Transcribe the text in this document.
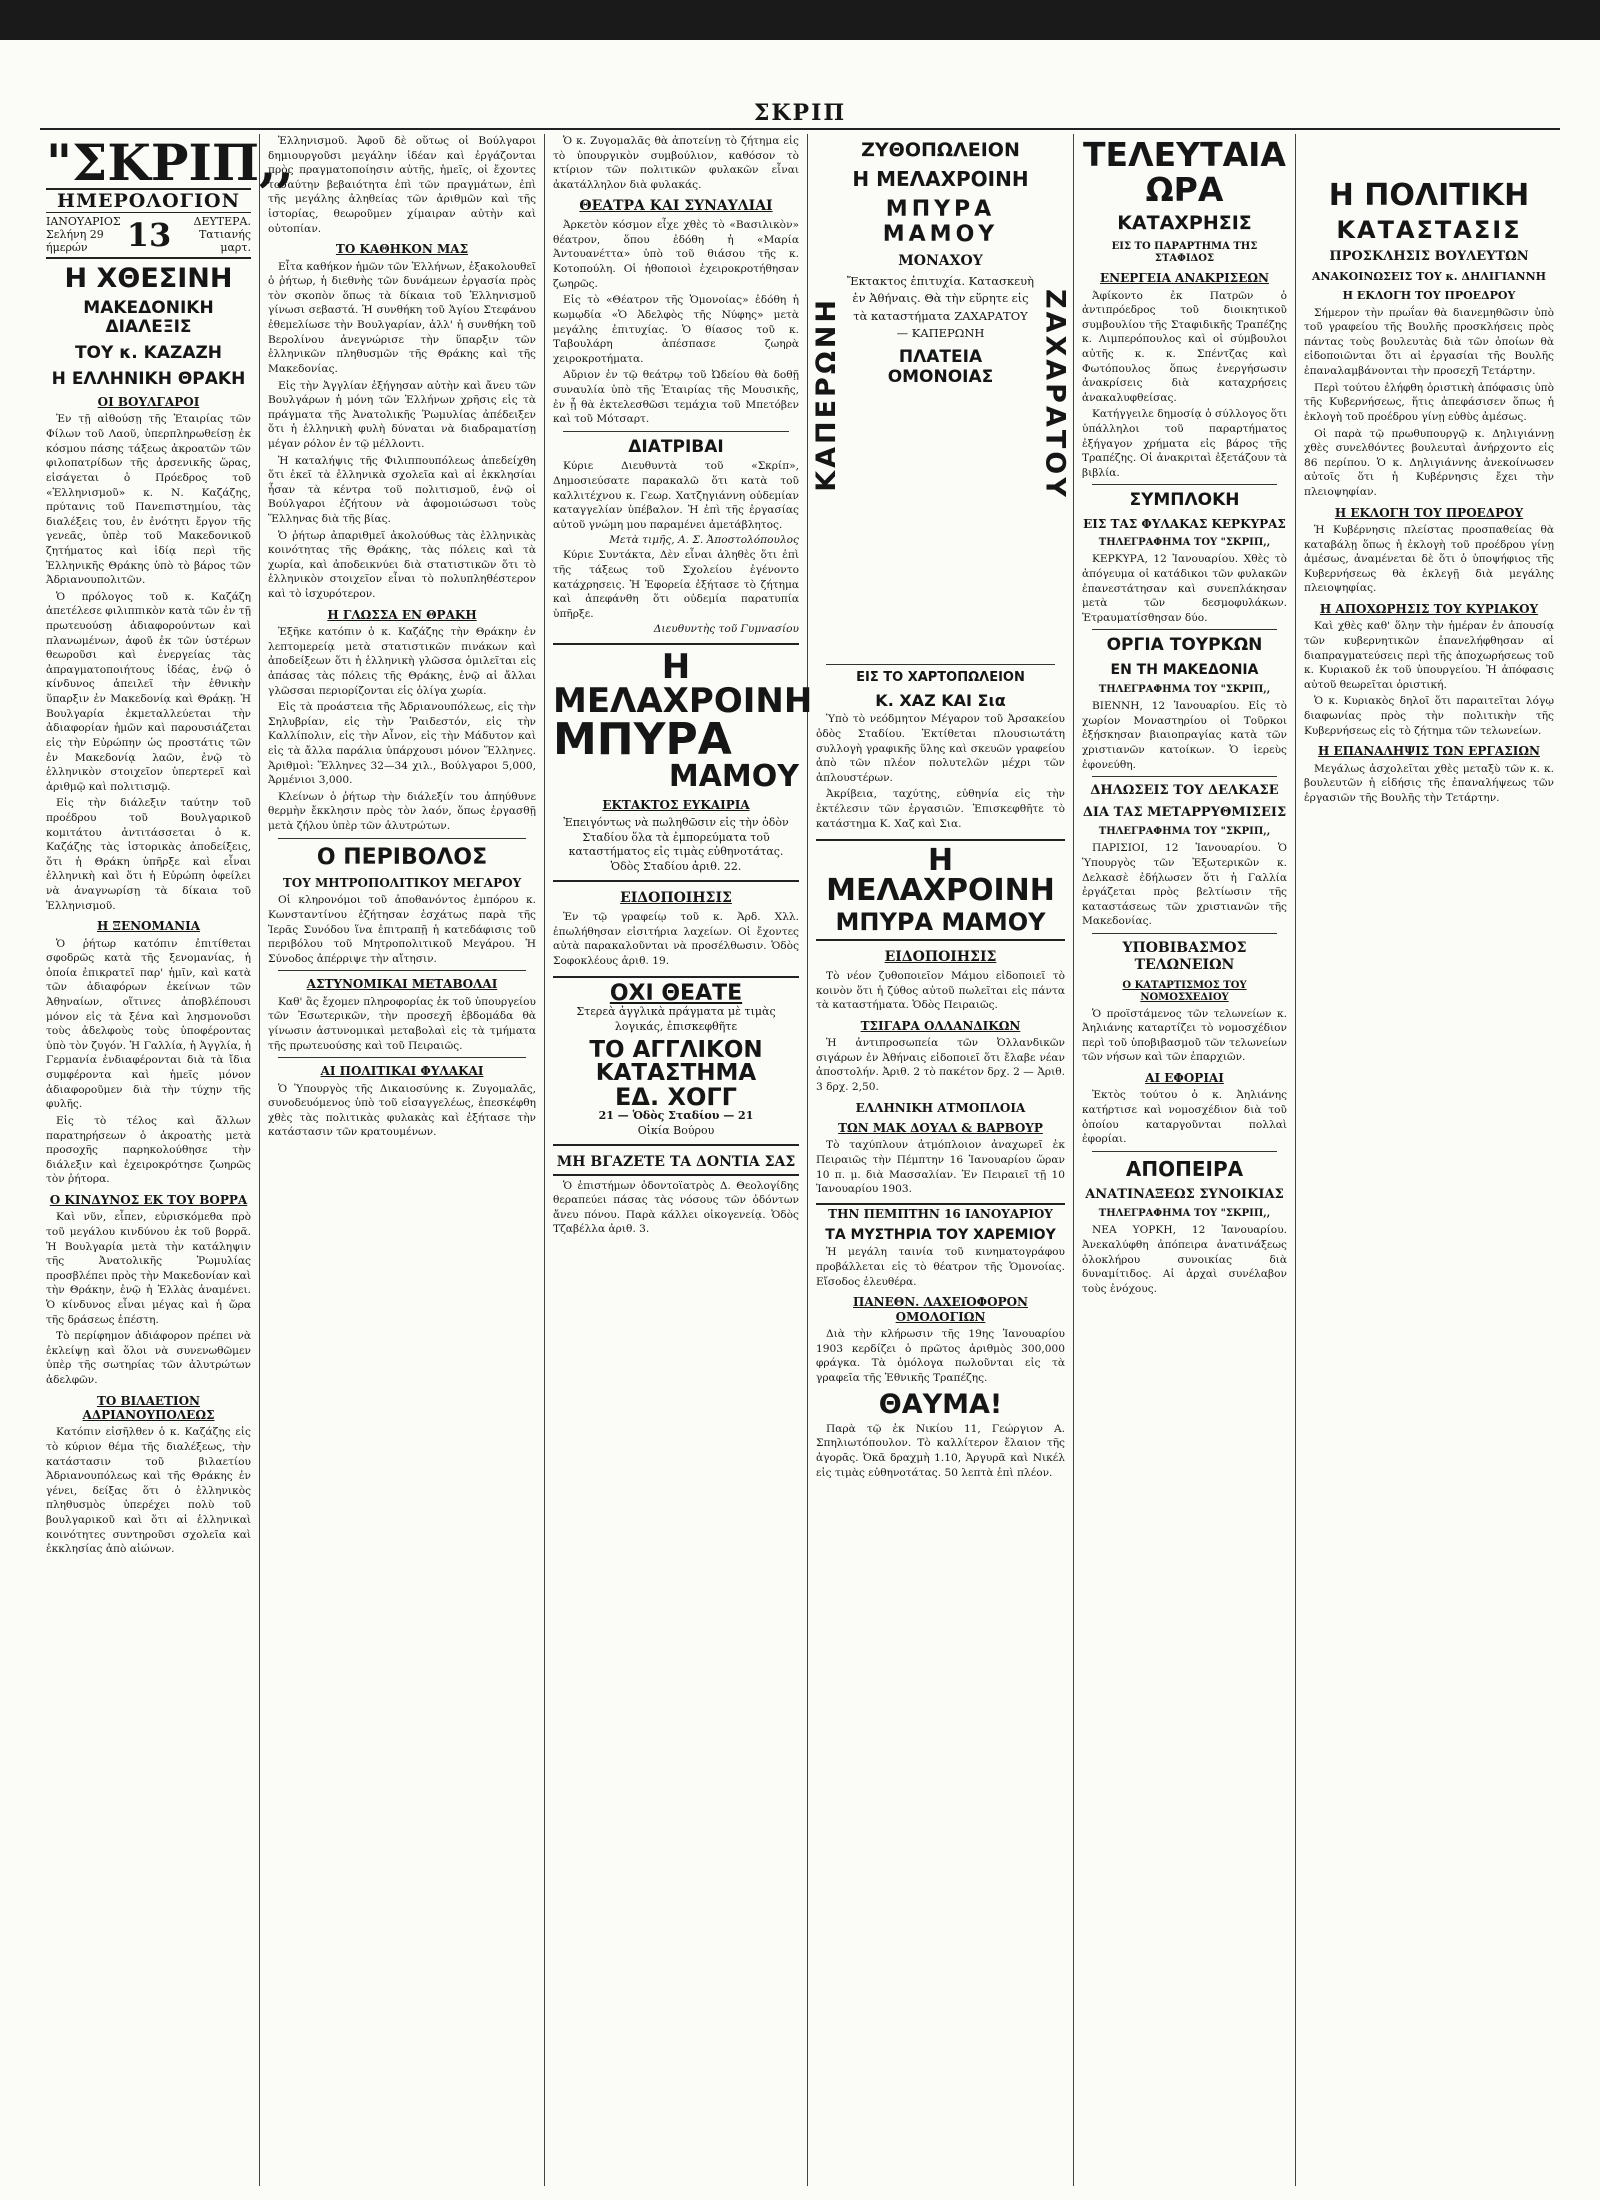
ΣΚΡΙΠ
"ΣΚΡΙΠ,,
ΗΜΕΡΟΛΟΓΙΟΝ
ΙΑΝΟΥΑΡΙΟΣ
Σελήνη 29 ήμερών	13	ΔΕΥΤΕΡΑ.
Τατιανής μαρτ.
Η ΧΘΕΣΙΝΗ
ΜΑΚΕΔΟΝΙΚΗ ΔΙΑΛΕΞΙΣ
ΤΟΥ κ. ΚΑΖΑΖΗ
Η ΕΛΛΗΝΙΚΗ ΘΡΑΚΗ
ΟΙ ΒΟΥΛΓΑΡΟΙ

Ἐν τῇ αἰθούσῃ τῆς Ἑταιρίας τῶν Φίλων τοῦ Λαοῦ, ὑπερπληρωθείσῃ ἐκ κόσμου πάσης τάξεως ἀκροατῶν τῶν φιλοπατρίδων τῆς ἀρσενικῆς ὥρας, εἰσάγεται ὁ Πρόεδρος τοῦ «Ἑλληνισμοῦ» κ. Ν. Καζάζης, πρύτανις τοῦ Πανεπιστημίου, τὰς διαλέξεις του, ἐν ἐνότητι ἔργον τῆς γενεᾶς, ὑπὲρ τοῦ Μακεδονικοῦ ζητήματος καὶ ἰδίᾳ περὶ τῆς Ἑλληνικῆς Θράκης ὑπὸ τὸ βάρος τῶν Ἀδριανουπολιτῶν.

Ὁ πρόλογος τοῦ κ. Καζάζη ἀπετέλεσε φιλιππικὸν κατὰ τῶν ἐν τῇ πρωτευούσῃ ἀδιαφορούντων καὶ πλανωμένων, ἀφοῦ ἐκ τῶν ὑστέρων θεωροῦσι καὶ ἐνεργείας τὰς ἀπραγματοποιήτους ἰδέας, ἐνῷ ὁ κίνδυνος ἀπειλεῖ τὴν ἐθνικὴν ὕπαρξιν ἐν Μακεδονίᾳ καὶ Θράκῃ. Ἡ Βουλγαρία ἐκμεταλλεύεται τὴν ἀδιαφορίαν ἡμῶν καὶ παρουσιάζεται εἰς τὴν Εὐρώπην ὡς προστάτις τῶν ἐν Μακεδονίᾳ λαῶν, ἐνῷ τὸ ἑλληνικὸν στοιχεῖον ὑπερτερεῖ καὶ ἀριθμῷ καὶ πολιτισμῷ.

Εἰς τὴν διάλεξιν ταύτην τοῦ προέδρου τοῦ Βουλγαρικοῦ κομιτάτου ἀντιτάσσεται ὁ κ. Καζάζης τὰς ἱστορικὰς ἀποδείξεις, ὅτι ἡ Θράκη ὑπῆρξε καὶ εἶναι ἑλληνικὴ καὶ ὅτι ἡ Εὐρώπη ὀφείλει νὰ ἀναγνωρίσῃ τὰ δίκαια τοῦ Ἑλληνισμοῦ.

Η ΞΕΝΟΜΑΝΙΑ

Ὁ ῥήτωρ κατόπιν ἐπιτίθεται σφοδρῶς κατὰ τῆς ξενομανίας, ἡ ὁποία ἐπικρατεῖ παρ' ἡμῖν, καὶ κατὰ τῶν ἀδιαφόρων ἐκείνων τῶν Ἀθηναίων, οἵτινες ἀποβλέπουσι μόνον εἰς τὰ ξένα καὶ λησμονοῦσι τοὺς ἀδελφοὺς τοὺς ὑποφέροντας ὑπὸ τὸν ζυγόν. Ἡ Γαλλία, ἡ Ἀγγλία, ἡ Γερμανία ἐνδιαφέρονται διὰ τὰ ἴδια συμφέροντα καὶ ἡμεῖς μόνον ἀδιαφοροῦμεν διὰ τὴν τύχην τῆς φυλῆς.

Εἰς τὸ τέλος καὶ ἄλλων παρατηρήσεων ὁ ἀκροατὴς μετὰ προσοχῆς παρηκολούθησε τὴν διάλεξιν καὶ ἐχειροκρότησε ζωηρῶς τὸν ῥήτορα.

Ο ΚΙΝΔΥΝΟΣ ΕΚ ΤΟΥ ΒΟΡΡΑ

Καὶ νῦν, εἶπεν, εὑρισκόμεθα πρὸ τοῦ μεγάλου κινδύνου ἐκ τοῦ βορρᾶ. Ἡ Βουλγαρία μετὰ τὴν κατάληψιν τῆς Ἀνατολικῆς Ῥωμυλίας προσβλέπει πρὸς τὴν Μακεδονίαν καὶ τὴν Θράκην, ἐνῷ ἡ Ἑλλὰς ἀναμένει. Ὁ κίνδυνος εἶναι μέγας καὶ ἡ ὥρα τῆς δράσεως ἐπέστη.

Τὸ περίφημον ἀδιάφορον πρέπει νὰ ἐκλείψῃ καὶ ὅλοι νὰ συνενωθῶμεν ὑπὲρ τῆς σωτηρίας τῶν ἀλυτρώτων ἀδελφῶν.

ΤΟ ΒΙΛΑΕΤΙΟΝ ΑΔΡΙΑΝΟΥΠΟΛΕΩΣ

Κατόπιν εἰσῆλθεν ὁ κ. Καζάζης εἰς τὸ κύριον θέμα τῆς διαλέξεως, τὴν κατάστασιν τοῦ βιλαετίου Ἀδριανουπόλεως καὶ τῆς Θράκης ἐν γένει, δείξας ὅτι ὁ ἑλληνικὸς πληθυσμὸς ὑπερέχει πολὺ τοῦ βουλγαρικοῦ καὶ ὅτι αἱ ἑλληνικαὶ κοινότητες συντηροῦσι σχολεῖα καὶ ἐκκλησίας ἀπὸ αἰώνων.

Ἑλληνισμοῦ. Ἀφοῦ δὲ οὕτως οἱ Βούλγαροι δημιουργοῦσι μεγάλην ἰδέαν καὶ ἐργάζονται πρὸς πραγματοποίησιν αὐτῆς, ἡμεῖς, οἱ ἔχοντες τοσαύτην βεβαιότητα ἐπὶ τῶν πραγμάτων, ἐπὶ τῆς μεγάλης ἀληθείας τῶν ἀριθμῶν καὶ τῆς ἱστορίας, θεωροῦμεν χίμαιραν αὐτὴν καὶ οὐτοπίαν.

ΤΟ ΚΑΘΗΚΟΝ ΜΑΣ

Εἶτα καθήκον ἡμῶν τῶν Ἑλλήνων, ἐξακολουθεῖ ὁ ῥήτωρ, ἡ διεθνὴς τῶν δυνάμεων ἐργασία πρὸς τὸν σκοπὸν ὅπως τὰ δίκαια τοῦ Ἑλληνισμοῦ γίνωσι σεβαστά. Ἡ συνθήκη τοῦ Ἁγίου Στεφάνου ἐθεμελίωσε τὴν Βουλγαρίαν, ἀλλ' ἡ συνθήκη τοῦ Βερολίνου ἀνεγνώρισε τὴν ὕπαρξιν τῶν ἑλληνικῶν πληθυσμῶν τῆς Θράκης καὶ τῆς Μακεδονίας.

Εἰς τὴν Ἀγγλίαν ἐξήγησαν αὐτὴν καὶ ἄνευ τῶν Βουλγάρων ἡ μόνη τῶν Ἑλλήνων χρῆσις εἰς τὰ πράγματα τῆς Ἀνατολικῆς Ῥωμυλίας ἀπέδειξεν ὅτι ἡ ἑλληνικὴ φυλὴ δύναται νὰ διαδραματίσῃ μέγαν ρόλον ἐν τῷ μέλλοντι.

Ἡ καταλήψις τῆς Φιλιππουπόλεως ἀπεδείχθη ὅτι ἐκεῖ τὰ ἑλληνικὰ σχολεῖα καὶ αἱ ἐκκλησίαι ἦσαν τὰ κέντρα τοῦ πολιτισμοῦ, ἐνῷ οἱ Βούλγαροι ἐζήτουν νὰ ἀφομοιώσωσι τοὺς Ἕλληνας διὰ τῆς βίας.

Ὁ ῥήτωρ ἀπαριθμεῖ ἀκολούθως τὰς ἑλληνικὰς κοινότητας τῆς Θράκης, τὰς πόλεις καὶ τὰ χωρία, καὶ ἀποδεικνύει διὰ στατιστικῶν ὅτι τὸ ἑλληνικὸν στοιχεῖον εἶναι τὸ πολυπληθέστερον καὶ τὸ ἰσχυρότερον.

Η ΓΛΩΣΣΑ ΕΝ ΘΡΑΚΗ

Ἐξῆκε κατόπιν ὁ κ. Καζάζης τὴν Θράκην ἐν λεπτομερείᾳ μετὰ στατιστικῶν πινάκων καὶ ἀποδείξεων ὅτι ἡ ἑλληνικὴ γλῶσσα ὁμιλεῖται εἰς ἁπάσας τὰς πόλεις τῆς Θράκης, ἐνῷ αἱ ἄλλαι γλῶσσαι περιορίζονται εἰς ὀλίγα χωρία.

Εἰς τὰ προάστεια τῆς Ἀδριανουπόλεως, εἰς τὴν Σηλυβρίαν, εἰς τὴν Ῥαιδεστόν, εἰς τὴν Καλλίπολιν, εἰς τὴν Αἶνον, εἰς τὴν Μάδυτον καὶ εἰς τὰ ἄλλα παράλια ὑπάρχουσι μόνον Ἕλληνες. Ἀριθμοὶ: Ἕλληνες 32—34 χιλ., Βούλγαροι 5,000, Ἀρμένιοι 3,000.

Κλείνων ὁ ῥήτωρ τὴν διάλεξίν του ἀπηύθυνε θερμὴν ἔκκλησιν πρὸς τὸν λαόν, ὅπως ἐργασθῇ μετὰ ζήλου ὑπὲρ τῶν ἀλυτρώτων.

Ο ΠΕΡΙΒΟΛΟΣ
ΤΟΥ ΜΗΤΡΟΠΟΛΙΤΙΚΟΥ ΜΕΓΑΡΟΥ

Οἱ κληρονόμοι τοῦ ἀποθανόντος ἐμπόρου κ. Κωνσταντίνου ἐζήτησαν ἐσχάτως παρὰ τῆς Ἱερᾶς Συνόδου ἵνα ἐπιτραπῇ ἡ κατεδάφισις τοῦ περιβόλου τοῦ Μητροπολιτικοῦ Μεγάρου. Ἡ Σύνοδος ἀπέρριψε τὴν αἴτησιν.

ΑΣΤΥΝΟΜΙΚΑΙ ΜΕΤΑΒΟΛΑΙ

Καθ' ἃς ἔχομεν πληροφορίας ἐκ τοῦ ὑπουργείου τῶν Ἐσωτερικῶν, τὴν προσεχῆ ἑβδομάδα θὰ γίνωσιν ἀστυνομικαὶ μεταβολαὶ εἰς τὰ τμήματα τῆς πρωτευούσης καὶ τοῦ Πειραιῶς.

ΑΙ ΠΟΛΙΤΙΚΑΙ ΦΥΛΑΚΑΙ

Ὁ Ὑπουργὸς τῆς Δικαιοσύνης κ. Ζυγομαλᾶς, συνοδευόμενος ὑπὸ τοῦ εἰσαγγελέως, ἐπεσκέφθη χθὲς τὰς πολιτικὰς φυλακὰς καὶ ἐξήτασε τὴν κατάστασιν τῶν κρατουμένων.

Ὁ κ. Ζυγομαλᾶς θὰ ἀποτείνῃ τὸ ζήτημα εἰς τὸ ὑπουργικὸν συμβούλιον, καθόσον τὸ κτίριον τῶν πολιτικῶν φυλακῶν εἶναι ἀκατάλληλον διὰ φυλακάς.

ΘΕΑΤΡΑ ΚΑΙ ΣΥΝΑΥΛΙΑΙ

Ἀρκετὸν κόσμον εἶχε χθὲς τὸ «Βασιλικὸν» θέατρον, ὅπου ἐδόθη ἡ «Μαρία Ἀντουανέττα» ὑπὸ τοῦ θιάσου τῆς κ. Κοτοπούλη. Οἱ ἠθοποιοὶ ἐχειροκροτήθησαν ζωηρῶς.

Εἰς τὸ «Θέατρον τῆς Ὁμονοίας» ἐδόθη ἡ κωμῳδία «Ὁ Ἀδελφὸς τῆς Νύφης» μετὰ μεγάλης ἐπιτυχίας. Ὁ θίασος τοῦ κ. Ταβουλάρη ἀπέσπασε ζωηρὰ χειροκροτήματα.

Αὔριον ἐν τῷ θεάτρῳ τοῦ Ὠδείου θὰ δοθῇ συναυλία ὑπὸ τῆς Ἑταιρίας τῆς Μουσικῆς, ἐν ᾗ θὰ ἐκτελεσθῶσι τεμάχια τοῦ Μπετόβεν καὶ τοῦ Μότσαρτ.

ΔΙΑΤΡΙΒΑΙ

Κύριε Διευθυντὰ τοῦ «Σκρίπ», Δημοσιεύσατε παρακαλῶ ὅτι κατὰ τοῦ καλλιτέχνου κ. Γεωρ. Χατζηγιάννη οὐδεμίαν καταγγελίαν ὑπέβαλον. Ἡ ἐπὶ τῆς ἐργασίας αὐτοῦ γνώμη μου παραμένει ἀμετάβλητος.

Μετὰ τιμῆς, Α. Σ. Ἀποστολόπουλος

Κύριε Συντάκτα, Δὲν εἶναι ἀληθὲς ὅτι ἐπὶ τῆς τάξεως τοῦ Σχολείου ἐγένοντο κατάχρησεις. Ἡ Ἐφορεία ἐξήτασε τὸ ζήτημα καὶ ἀπεφάνθη ὅτι οὐδεμία παρατυπία ὑπῆρξε.

Διευθυντὴς τοῦ Γυμνασίου
Η ΜΕΛΑΧΡΟΙΝΗ
ΜΠΥΡΑ
ΜΑΜΟΥ
ΕΚΤΑΚΤΟΣ ΕΥΚΑΙΡΙΑ
Ἐπειγόντως νὰ πωληθῶσιν εἰς τὴν ὁδὸν Σταδίου ὅλα τὰ ἐμπορεύματα τοῦ καταστήματος εἰς τιμὰς εὐθηνοτάτας. Ὁδὸς Σταδίου ἀριθ. 22.
ΕΙΔΟΠΟΙΗΣΙΣ

Ἐν τῷ γραφείῳ τοῦ κ. Ἀρδ. Χλλ. ἐπωλήθησαν εἰσιτήρια λαχείων. Οἱ ἔχοντες αὐτὰ παρακαλοῦνται νὰ προσέλθωσιν. Ὁδὸς Σοφοκλέους ἀριθ. 19.

ΟΧΙ ΘΕΑΤΕ
Στερεὰ ἀγγλικὰ πράγματα μὲ τιμὰς λογικάς, ἐπισκεφθῆτε
ΤΟ ΑΓΓΛΙΚΟΝ ΚΑΤΑΣΤΗΜΑ
ΕΔ. ΧΟΓΓ
21 — Ὁδὸς Σταδίου — 21
Οἰκία Βούρου
ΜΗ ΒΓΑΖΕΤΕ ΤΑ ΔΟΝΤΙΑ ΣΑΣ

Ὁ ἐπιστήμων ὀδοντοϊατρὸς Δ. Θεολογίδης θεραπεύει πάσας τὰς νόσους τῶν ὀδόντων ἄνευ πόνου. Παρὰ κάλλει οἰκογενείᾳ. Ὁδὸς Τζαβέλλα ἀριθ. 3.

ΚΑΠΕΡΩΝΗ	ΖΑΧΑΡΑΤΟΥ
ΖΥΘΟΠΩΛΕΙΟΝ
Η ΜΕΛΑΧΡΟΙΝΗ
ΜΠΥΡΑ ΜΑΜΟΥ
ΜΟΝΑΧΟΥ
Ἔκτακτος ἐπιτυχία. Κατασκευὴ ἐν Ἀθήναις. Θὰ τὴν εὕρητε εἰς τὰ καταστήματα ΖΑΧΑΡΑΤΟΥ — ΚΑΠΕΡΩΝΗ
ΠΛΑΤΕΙΑ ΟΜΟΝΟΙΑΣ
ΕΙΣ ΤΟ ΧΑΡΤΟΠΩΛΕΙΟΝ
Κ. ΧΑΖ ΚΑΙ Σια

Ὑπὸ τὸ νεόδμητον Μέγαρον τοῦ Ἀρσακείου ὁδὸς Σταδίου. Ἐκτίθεται πλουσιωτάτη συλλογὴ γραφικῆς ὕλης καὶ σκευῶν γραφείου ἀπὸ τῶν πλέον πολυτελῶν μέχρι τῶν ἁπλουστέρων.

Ἀκρίβεια, ταχύτης, εὐθηνία εἰς τὴν ἐκτέλεσιν τῶν ἐργασιῶν. Ἐπισκεφθῆτε τὸ κατάστημα Κ. Χαζ καὶ Σια.

Η ΜΕΛΑΧΡΟΙΝΗ
ΜΠΥΡΑ ΜΑΜΟΥ
ΕΙΔΟΠΟΙΗΣΙΣ

Τὸ νέον ζυθοποιεῖον Μάμου εἰδοποιεῖ τὸ κοινὸν ὅτι ἡ ζύθος αὐτοῦ πωλεῖται εἰς πάντα τὰ καταστήματα. Ὁδὸς Πειραιῶς.

ΤΣΙΓΑΡΑ ΟΛΛΑΝΔΙΚΩΝ

Ἡ ἀντιπροσωπεία τῶν Ὀλλανδικῶν σιγάρων ἐν Ἀθήναις εἰδοποιεῖ ὅτι ἔλαβε νέαν ἀποστολήν. Ἀριθ. 2 τὸ πακέτον δρχ. 2 — Ἀριθ. 3 δρχ. 2,50.

ΕΛΛΗΝΙΚΗ ΑΤΜΟΠΛΟΙΑ
ΤΩΝ ΜΑΚ ΔΟΥΑΛ & ΒΑΡΒΟΥΡ

Τὸ ταχύπλουν ἀτμόπλοιον ἀναχωρεῖ ἐκ Πειραιῶς τὴν Πέμπτην 16 Ἰανουαρίου ὥραν 10 π. μ. διὰ Μασσαλίαν. Ἐν Πειραιεῖ τῇ 10 Ἰανουαρίου 1903.

ΤΗΝ ΠΕΜΠΤΗΝ 16 ΙΑΝΟΥΑΡΙΟΥ
ΤΑ ΜΥΣΤΗΡΙΑ ΤΟΥ ΧΑΡΕΜΙΟΥ

Ἡ μεγάλη ταινία τοῦ κινηματογράφου προβάλλεται εἰς τὸ θέατρον τῆς Ὁμονοίας. Εἴσοδος ἐλευθέρα.

ΠΑΝΕΘΝ. ΛΑΧΕΙΟΦΟΡΟΝ ΟΜΟΛΟΓΙΩΝ

Διὰ τὴν κλήρωσιν τῆς 19ης Ἰανουαρίου 1903 κερδίζει ὁ πρῶτος ἀριθμὸς 300,000 φράγκα. Τὰ ὁμόλογα πωλοῦνται εἰς τὰ γραφεῖα τῆς Ἐθνικῆς Τραπέζης.

ΘΑΥΜΑ!

Παρὰ τῷ ἐκ Νικίου 11, Γεώργιον Α. Σπηλιωτόπουλον. Τὸ καλλίτερον ἔλαιον τῆς ἀγορᾶς. Ὀκᾶ δραχμὴ 1.10, Ἀργυρᾶ καὶ Νικέλ εἰς τιμὰς εὐθηνοτάτας. 50 λεπτὰ ἐπὶ πλέον.

ΤΕΛΕΥΤΑΙΑ ΩΡΑ
ΚΑΤΑΧΡΗΣΙΣ
ΕΙΣ ΤΟ ΠΑΡΑΡΤΗΜΑ ΤΗΣ ΣΤΑΦΙΔΟΣ
ΕΝΕΡΓΕΙΑ ΑΝΑΚΡΙΣΕΩΝ

Ἀφίκοντο ἐκ Πατρῶν ὁ ἀντιπρόεδρος τοῦ διοικητικοῦ συμβουλίου τῆς Σταφιδικῆς Τραπέζης κ. Λιμπερόπουλος καὶ οἱ σύμβουλοι αὐτῆς κ. κ. Σπέντζας καὶ Φωτόπουλος ὅπως ἐνεργήσωσιν ἀνακρίσεις διὰ καταχρήσεις ἀνακαλυφθείσας.

Κατήγγειλε δημοσίᾳ ὁ σύλλογος ὅτι ὑπάλληλοι τοῦ παραρτήματος ἐξήγαγον χρήματα εἰς βάρος τῆς Τραπέζης. Οἱ ἀνακριταὶ ἐξετάζουν τὰ βιβλία.

ΣΥΜΠΛΟΚΗ
ΕΙΣ ΤΑΣ ΦΥΛΑΚΑΣ ΚΕΡΚΥΡΑΣ
ΤΗΛΕΓΡΑΦΗΜΑ ΤΟΥ "ΣΚΡΙΠ,,

ΚΕΡΚΥΡΑ, 12 Ἰανουαρίου. Χθὲς τὸ ἀπόγευμα οἱ κατάδικοι τῶν φυλακῶν ἐπανεστάτησαν καὶ συνεπλάκησαν μετὰ τῶν δεσμοφυλάκων. Ἐτραυματίσθησαν δύο.

ΟΡΓΙΑ ΤΟΥΡΚΩΝ
ΕΝ ΤΗ ΜΑΚΕΔΟΝΙΑ
ΤΗΛΕΓΡΑΦΗΜΑ ΤΟΥ "ΣΚΡΙΠ,,

ΒΙΕΝΝΗ, 12 Ἰανουαρίου. Εἰς τὸ χωρίον Μοναστηρίου οἱ Τοῦρκοι ἐξήσκησαν βιαιοπραγίας κατὰ τῶν χριστιανῶν κατοίκων. Ὁ ἱερεὺς ἐφονεύθη.

ΔΗΛΩΣΕΙΣ ΤΟΥ ΔΕΛΚΑΣΕ
ΔΙΑ ΤΑΣ ΜΕΤΑΡΡΥΘΜΙΣΕΙΣ
ΤΗΛΕΓΡΑΦΗΜΑ ΤΟΥ "ΣΚΡΙΠ,,

ΠΑΡΙΣΙΟΙ, 12 Ἰανουαρίου. Ὁ Ὑπουργὸς τῶν Ἐξωτερικῶν κ. Δελκασὲ ἐδήλωσεν ὅτι ἡ Γαλλία ἐργάζεται πρὸς βελτίωσιν τῆς καταστάσεως τῶν χριστιανῶν τῆς Μακεδονίας.

ΥΠΟΒΙΒΑΣΜΟΣ ΤΕΛΩΝΕΙΩΝ
Ο ΚΑΤΑΡΤΙΣΜΟΣ ΤΟΥ ΝΟΜΟΣΧΕΔΙΟΥ

Ὁ προϊστάμενος τῶν τελωνείων κ. Ἀηλιάνης καταρτίζει τὸ νομοσχέδιον περὶ τοῦ ὑποβιβασμοῦ τῶν τελωνείων τῶν νήσων καὶ τῶν ἐπαρχιῶν.

ΑΙ ΕΦΟΡΙΑΙ

Ἐκτὸς τούτου ὁ κ. Ἀηλιάνης κατήρτισε καὶ νομοσχέδιον διὰ τοῦ ὁποίου καταργοῦνται πολλαὶ ἐφορίαι.

ΑΠΟΠΕΙΡΑ
ΑΝΑΤΙΝΑΞΕΩΣ ΣΥΝΟΙΚΙΑΣ
ΤΗΛΕΓΡΑΦΗΜΑ ΤΟΥ "ΣΚΡΙΠ,,

ΝΕΑ ΥΟΡΚΗ, 12 Ἰανουαρίου. Ἀνεκαλύφθη ἀπόπειρα ἀνατινάξεως ὁλοκλήρου συνοικίας διὰ δυναμίτιδος. Αἱ ἀρχαὶ συνέλαβον τοὺς ἐνόχους.

Η ΠΟΛΙΤΙΚΗ
ΚΑΤΑΣΤΑΣΙΣ
ΠΡΟΣΚΛΗΣΙΣ ΒΟΥΛΕΥΤΩΝ
ΑΝΑΚΟΙΝΩΣΕΙΣ ΤΟΥ κ. ΔΗΛΙΓΙΑΝΝΗ
Η ΕΚΛΟΓΗ ΤΟΥ ΠΡΟΕΔΡΟΥ

Σήμερον τὴν πρωΐαν θὰ διανεμηθῶσιν ὑπὸ τοῦ γραφείου τῆς Βουλῆς προσκλήσεις πρὸς πάντας τοὺς βουλευτὰς διὰ τῶν ὁποίων θὰ εἰδοποιῶνται ὅτι αἱ ἐργασίαι τῆς Βουλῆς ἐπαναλαμβάνονται τὴν προσεχῆ Τετάρτην.

Περὶ τούτου ἐλήφθη ὁριστικὴ ἀπόφασις ὑπὸ τῆς Κυβερνήσεως, ἥτις ἀπεφάσισεν ὅπως ἡ ἐκλογὴ τοῦ προέδρου γίνῃ εὐθὺς ἀμέσως.

Οἱ παρὰ τῷ πρωθυπουργῷ κ. Δηλιγιάννῃ χθὲς συνελθόντες βουλευταὶ ἀνήρχοντο εἰς 86 περίπου. Ὁ κ. Δηλιγιάννης ἀνεκοίνωσεν αὐτοῖς ὅτι ἡ Κυβέρνησις ἔχει τὴν πλειοψηφίαν.

Η ΕΚΛΟΓΗ ΤΟΥ ΠΡΟΕΔΡΟΥ

Ἡ Κυβέρνησις πλείστας προσπαθείας θὰ καταβάλῃ ὅπως ἡ ἐκλογὴ τοῦ προέδρου γίνῃ ἀμέσως, ἀναμένεται δὲ ὅτι ὁ ὑποψήφιος τῆς Κυβερνήσεως θὰ ἐκλεγῇ διὰ μεγάλης πλειοψηφίας.

Η ΑΠΟΧΩΡΗΣΙΣ ΤΟΥ ΚΥΡΙΑΚΟΥ

Καὶ χθὲς καθ' ὅλην τὴν ἡμέραν ἐν ἀπουσίᾳ τῶν κυβερνητικῶν ἐπανελήφθησαν αἱ διαπραγματεύσεις περὶ τῆς ἀποχωρήσεως τοῦ κ. Κυριακοῦ ἐκ τοῦ ὑπουργείου. Ἡ ἀπόφασις αὐτοῦ θεωρεῖται ὁριστική.

Ὁ κ. Κυριακὸς δηλοῖ ὅτι παραιτεῖται λόγῳ διαφωνίας πρὸς τὴν πολιτικὴν τῆς Κυβερνήσεως εἰς τὸ ζήτημα τῶν τελωνείων.

Η ΕΠΑΝΑΛΗΨΙΣ ΤΩΝ ΕΡΓΑΣΙΩΝ

Μεγάλως ἀσχολεῖται χθὲς μεταξὺ τῶν κ. κ. βουλευτῶν ἡ εἰδήσις τῆς ἐπαναλήψεως τῶν ἐργασιῶν τῆς Βουλῆς τὴν Τετάρτην.
